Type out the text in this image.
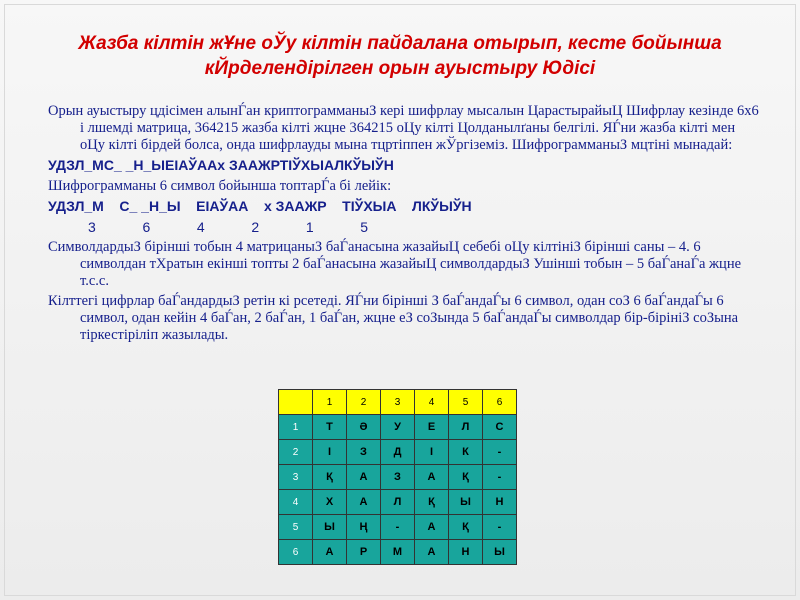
Жазба кілтін жҰне оЎу кілтін пайдалана отырып, кесте бойынша
кЙрделендірілген орын ауыстыру Юдісі

Орын ауыстыру цдісімен алынЃан криптограмманыЗ кері шифрлау мысалын ЦарастырайыЦ Шифрлау кезінде 6х6 і лшемді матрица, 364215 жазба кілті жцне 364215 оЦу кілті Цолданылґаны белгілі. ЯЃни жазба кілті мен оЦу кілті бірдей болса, онда шифрлауды мына тцртіппен жЎргіземіз. ШифрограмманыЗ мцтіні мынадай:

УДЗЛ_МС_ _Н_ЫЕІАЎААх ЗААЖРТІЎХЫАЛКЎЫЎН

Шифрограмманы 6 символ бойынша топтарЃа бі лейік:

УДЗЛ_М    С_ _Н_Ы    ЕІАЎАА    х ЗААЖР    ТІЎХЫА    ЛКЎЫЎН

3            6            4            2            1            5

СимволдардыЗ бірінші тобын 4 матрицаныЗ баЃанасына жазайыЦ себебі оЦу кілтініЗ бірінші саны – 4. 6 символдан тХратын екінші топты 2 баЃанасына жазайыЦ символдардыЗ Ушінші тобын – 5 баЃанаЃа жцне т.с.с.

Кілттегі цифрлар баЃандардыЗ ретін кі рсетеді. ЯЃни бірінші З баЃандаЃы 6 символ, одан соЗ 6 баЃандаЃы 6 символ, одан кейін 4 баЃан, 2 баЃан, 1 баЃан, жцне еЗ соЗында 5 баЃандаЃы символдар бір-бірініЗ соЗына тіркестіріліп жазылады.

	1	2	3	4	5	6
1	Т	Ә	У	Е	Л	С
2	І	З	Д	І	К	-
3	Қ	А	З	А	Қ	-
4	Х	А	Л	Қ	Ы	Н
5	Ы	Ң	-	А	Қ	-
6	А	Р	М	А	Н	Ы
